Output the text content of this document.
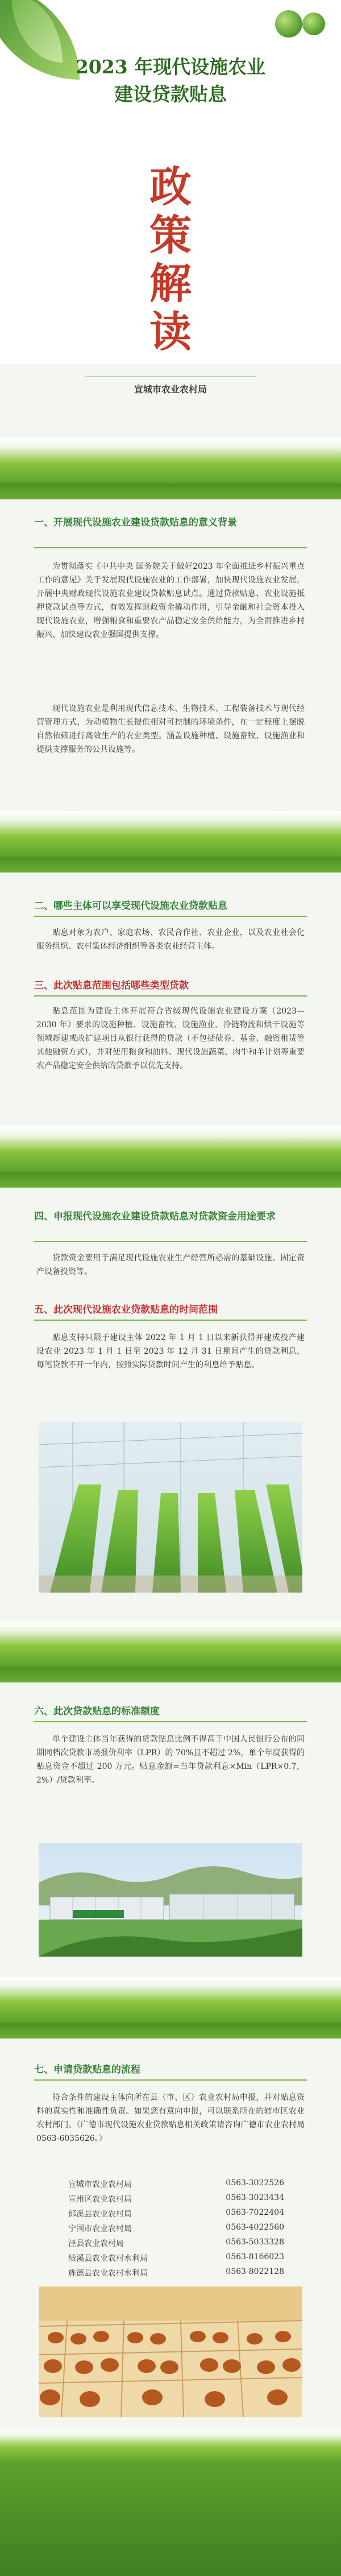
2023 年现代设施农业
建设贷款贴息
政
策
解
读
宣城市农业农村局
一、开展现代设施农业建设贷款贴息的意义背景
为贯彻落实《中共中央 国务院关于做好2023 年全面推进乡村振兴重点工作的意见》关于发展现代设施农业的工作部署，加快现代设施农业发展，开展中央财政现代设施农业建设贷款贴息试点。通过贷款贴息、农业设施抵押贷款试点等方式，有效发挥财政资金撬动作用，引导金融和社会资本投入现代设施农业，增强粮食和重要农产品稳定安全供给能力，为全面推进乡村振兴、加快建设农业强国提供支撑。
现代设施农业是利用现代信息技术、生物技术、工程装备技术与现代经营管理方式，为动植物生长提供相对可控制的环境条件，在一定程度上摆脱自然依赖进行高效生产的农业类型。涵盖设施种植、设施畜牧、设施渔业和提供支撑服务的公共设施等。
二、哪些主体可以享受现代设施农业贷款贴息
贴息对象为农户、家庭农场、农民合作社、农业企业，以及农业社会化服务组织、农村集体经济组织等各类农业经营主体。
三、此次贴息范围包括哪些类型贷款
贴息范围为建设主体开展符合省级现代设施农业建设方案（2023—2030 年）要求的设施种植、设施畜牧、设施渔业、冷链物流和烘干设施等领域新建或改扩建项目从银行获得的贷款（不包括债券、基金、融资租赁等其他融资方式），并对使用粮食和油料、现代设施蔬菜、肉牛和羊计划等重要农产品稳定安全供给的贷款予以优先支持。
四、申报现代设施农业建设贷款贴息对贷款资金用途要求
贷款资金要用于满足现代设施农业生产经营所必需的基础设施、固定资产设备投资等。
五、此次现代设施农业贷款贴息的时间范围
贴息支持只限于建设主体 2022 年 1 月 1 日以来新获得并建成投产建设农业 2023 年 1 月 1 日至 2023 年 12 月 31 日期间产生的贷款利息，每笔贷款不开一年内，按照实际贷款时间产生的利息给予贴息。
六、此次贷款贴息的标准额度
单个建设主体当年获得的贷款贴息比例不得高于中国人民银行公布的同期同档次贷款市场报价利率（LPR）的 70%且不超过 2%，单个年度获得的贴息资金不超过 200 万元。贴息金额=当年贷款利息×Min（LPR×0.7，2%）/贷款利率。
七、申请贷款贴息的流程
符合条件的建设主体向所在县（市、区）农业农村局申报，并对贴息资料的真实性和准确性负责。如果您有意向申报，可以联系所在的辖市区农业农村部门。（广德市现代设施农业贷款贴息相关政策请咨询广德市农业农村局 0563-6035626。）
宣城市农业农村局	0563-3022526
宣州区农业农村局	0563-3023434
郎溪县农业农村局	0563-7022404
宁国市农业农村局	0563-4022560
泾县农业农村局	0563-5033328
绩溪县农业农村水利局	0563-8166023
旌德县农业农村水利局	0563-8022128
